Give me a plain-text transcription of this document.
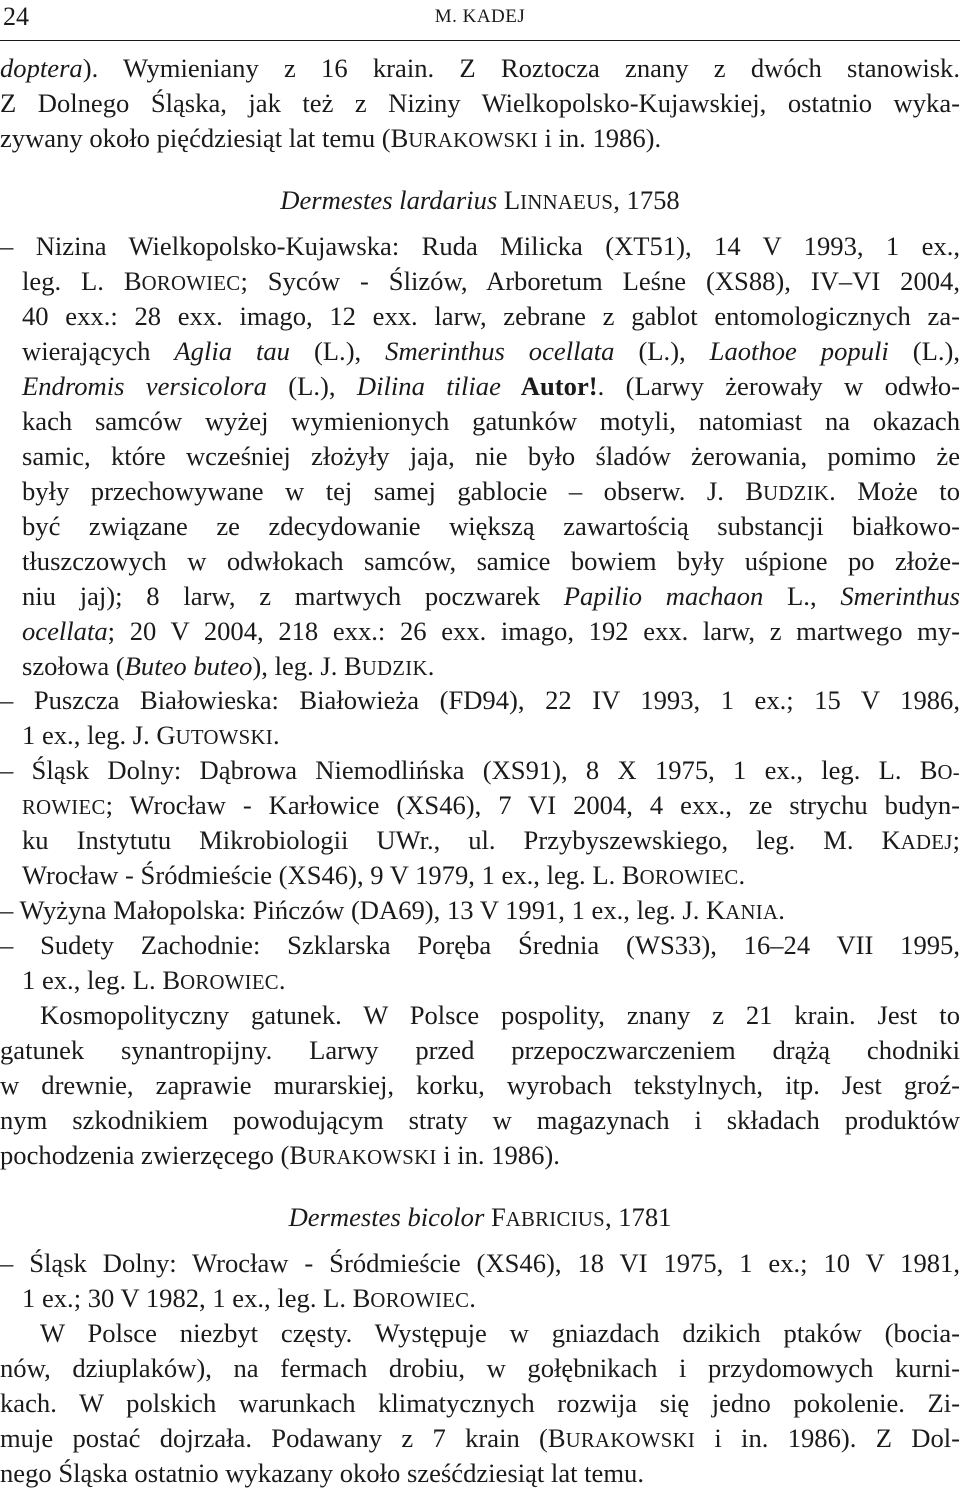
24	M. KADEJ
doptera). Wymieniany z 16 krain. Z Roztocza znany z dwóch stanowisk.
Z Dolnego Śląska, jak też z Niziny Wielkopolsko-Kujawskiej, ostatnio wyka-
zywany około pięćdziesiąt lat temu (BURAKOWSKI i in. 1986).
Dermestes lardarius LINNAEUS, 1758
– Nizina Wielkopolsko-Kujawska: Ruda Milicka (XT51), 14 V 1993, 1 ex.,
leg. L. BOROWIEC; Syców - Ślizów, Arboretum Leśne (XS88), IV–VI 2004,
40 exx.: 28 exx. imago, 12 exx. larw, zebrane z gablot entomologicznych za-
wierających Aglia tau (L.), Smerinthus ocellata (L.), Laothoe populi (L.),
Endromis versicolora (L.), Dilina tiliae Autor!. (Larwy żerowały w odwło-
kach samców wyżej wymienionych gatunków motyli, natomiast na okazach
samic, które wcześniej złożyły jaja, nie było śladów żerowania, pomimo że
były przechowywane w tej samej gablocie – obserw. J. BUDZIK. Może to
być związane ze zdecydowanie większą zawartością substancji białkowo-
tłuszczowych w odwłokach samców, samice bowiem były uśpione po złoże-
niu jaj); 8 larw, z martwych poczwarek Papilio machaon L., Smerinthus
ocellata; 20 V 2004, 218 exx.: 26 exx. imago, 192 exx. larw, z martwego my-
szołowa (Buteo buteo), leg. J. BUDZIK.
– Puszcza Białowieska: Białowieża (FD94), 22 IV 1993, 1 ex.; 15 V 1986,
1 ex., leg. J. GUTOWSKI.
– Śląsk Dolny: Dąbrowa Niemodlińska (XS91), 8 X 1975, 1 ex., leg. L. BO-
ROWIEC; Wrocław - Karłowice (XS46), 7 VI 2004, 4 exx., ze strychu budyn-
ku Instytutu Mikrobiologii UWr., ul. Przybyszewskiego, leg. M. KADEJ;
Wrocław - Śródmieście (XS46), 9 V 1979, 1 ex., leg. L. BOROWIEC.
– Wyżyna Małopolska: Pińczów (DA69), 13 V 1991, 1 ex., leg. J. KANIA.
– Sudety Zachodnie: Szklarska Poręba Średnia (WS33), 16–24 VII 1995,
1 ex., leg. L. BOROWIEC.
Kosmopolityczny gatunek. W Polsce pospolity, znany z 21 krain. Jest to
gatunek synantropijny. Larwy przed przepoczwarczeniem drążą chodniki
w drewnie, zaprawie murarskiej, korku, wyrobach tekstylnych, itp. Jest groź-
nym szkodnikiem powodującym straty w magazynach i składach produktów
pochodzenia zwierzęcego (BURAKOWSKI i in. 1986).
Dermestes bicolor FABRICIUS, 1781
– Śląsk Dolny: Wrocław - Śródmieście (XS46), 18 VI 1975, 1 ex.; 10 V 1981,
1 ex.; 30 V 1982, 1 ex., leg. L. BOROWIEC.
W Polsce niezbyt częsty. Występuje w gniazdach dzikich ptaków (bocia-
nów, dziuplaków), na fermach drobiu, w gołębnikach i przydomowych kurni-
kach. W polskich warunkach klimatycznych rozwija się jedno pokolenie. Zi-
muje postać dojrzała. Podawany z 7 krain (BURAKOWSKI i in. 1986). Z Dol-
nego Śląska ostatnio wykazany około sześćdziesiąt lat temu.
